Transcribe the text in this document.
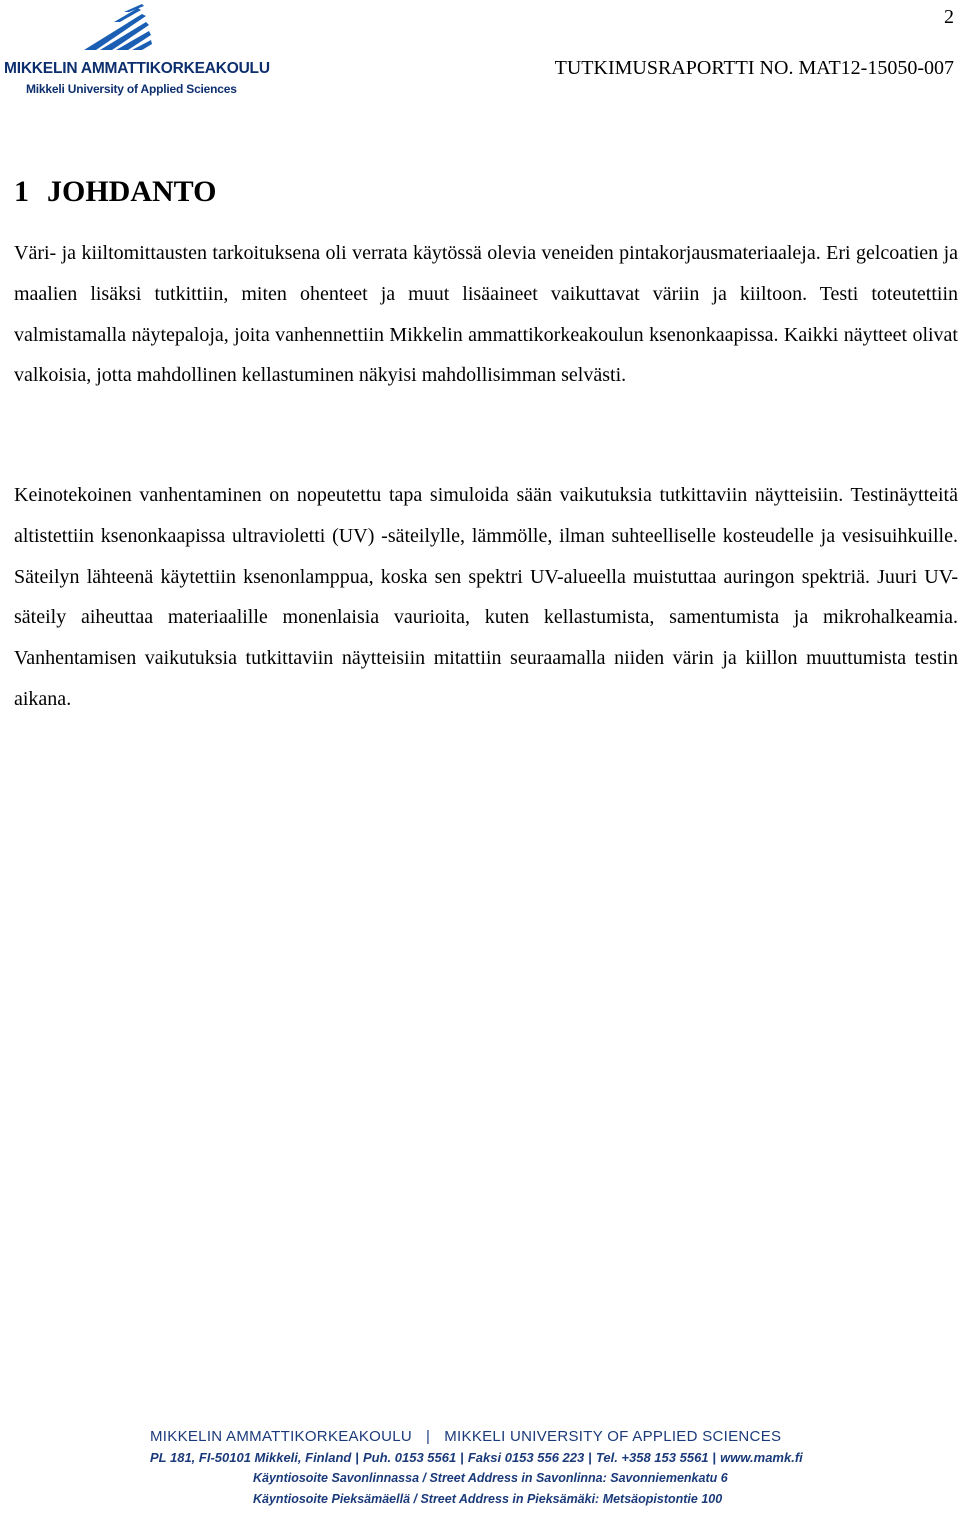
2
MIKKELIN AMMATTIKORKEAKOULU
Mikkeli University of Applied Sciences
TUTKIMUSRAPORTTI NO. MAT12-15050-007
1 JOHDANTO

Väri- ja kiiltomittausten tarkoituksena oli verrata käytössä olevia veneiden pintakorjausmateriaaleja. Eri gelcoatien ja maalien lisäksi tutkittiin, miten ohenteet ja muut lisäaineet vaikuttavat väriin ja kiiltoon. Testi toteutettiin valmistamalla näytepaloja, joita vanhennettiin Mikkelin ammattikorkeakoulun ksenonkaapissa. Kaikki näytteet olivat valkoisia, jotta mahdollinen kellastuminen näkyisi mahdollisimman selvästi.

Keinotekoinen vanhentaminen on nopeutettu tapa simuloida sään vaikutuksia tutkittaviin näytteisiin. Testinäytteitä altistettiin ksenonkaapissa ultravioletti (UV) -säteilylle, lämmölle, ilman suhteelliselle kosteudelle ja vesisuihkuille. Säteilyn lähteenä käytettiin ksenonlamppua, koska sen spektri UV-alueella muistuttaa auringon spektriä. Juuri UV-säteily aiheuttaa materiaalille monenlaisia vaurioita, kuten kellastumista, samentumista ja mikrohalkeamia. Vanhentamisen vaikutuksia tutkittaviin näytteisiin mitattiin seuraamalla niiden värin ja kiillon muuttumista testin aikana.

MIKKELIN AMMATTIKORKEAKOULU | MIKKELI UNIVERSITY OF APPLIED SCIENCES
PL 181, FI-50101 Mikkeli, Finland | Puh. 0153 5561 | Faksi 0153 556 223 | Tel. +358 153 5561 | www.mamk.fi
Käyntiosoite Savonlinnassa / Street Address in Savonlinna: Savonniemenkatu 6
Käyntiosoite Pieksämäellä / Street Address in Pieksämäki: Metsäopistontie 100
